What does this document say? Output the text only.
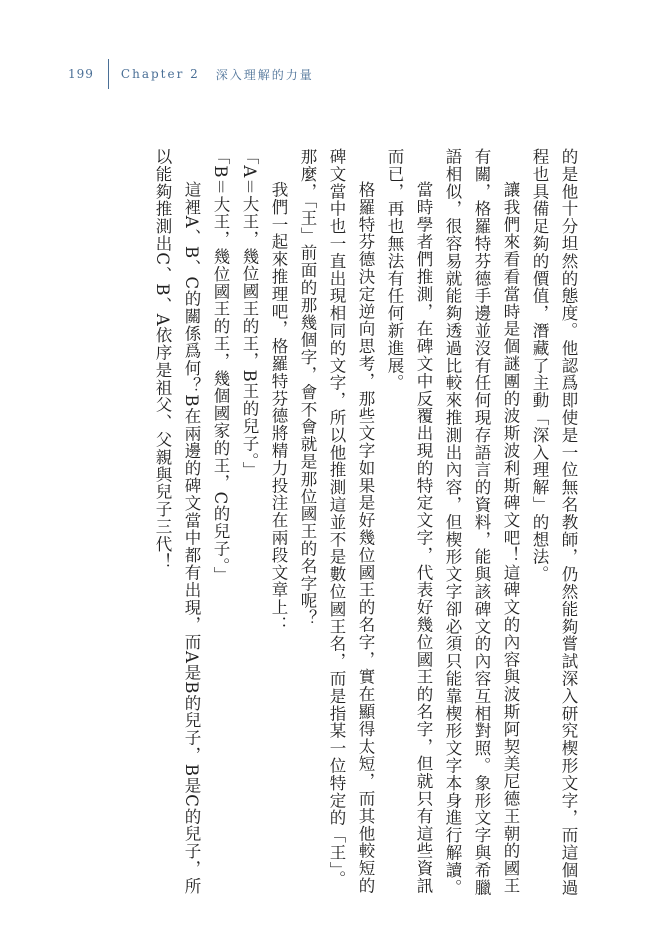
199 Chapter 2 深入理解的力量

的是他十分坦然的態度。他認爲即使是一位無名教師，仍然能夠嘗試深入研究楔形文字，而這個過程也具備足夠的價值，潛藏了主動「深入理解」的想法。

讓我們來看看當時是個謎團的波斯波利斯碑文吧！這碑文的內容與波斯阿契美尼德王朝的國王有關，格羅特芬德手邊並沒有任何現存語言的資料，能與該碑文的內容互相對照。象形文字與希臘語相似，很容易就能夠透過比較來推測出內容，但楔形文字卻必須只能靠楔形文字本身進行解讀。

當時學者們推測，在碑文中反覆出現的特定文字，代表好幾位國王的名字，但就只有這些資訊而已，再也無法有任何新進展。

格羅特芬德決定逆向思考，那些文字如果是好幾位國王的名字，實在顯得太短，而其他較短的碑文當中也一直出現相同的文字，所以他推測這並不是數位國王名，而是指某一位特定的「王」。那麼，「王」前面的那幾個字，會不會就是那位國王的名字呢？

我們一起來推理吧，格羅特芬德將精力投注在兩段文章上：

「A＝大王，幾位國王的王，B王的兒子。」

「B＝大王，幾位國王的王，幾個國家的王，C的兒子。」

這裡A、B、C的關係爲何？B在兩邊的碑文當中都有出現，而A是B的兒子，B是C的兒子，所以能夠推測出C、B、A依序是祖父、父親與兒子三代！
